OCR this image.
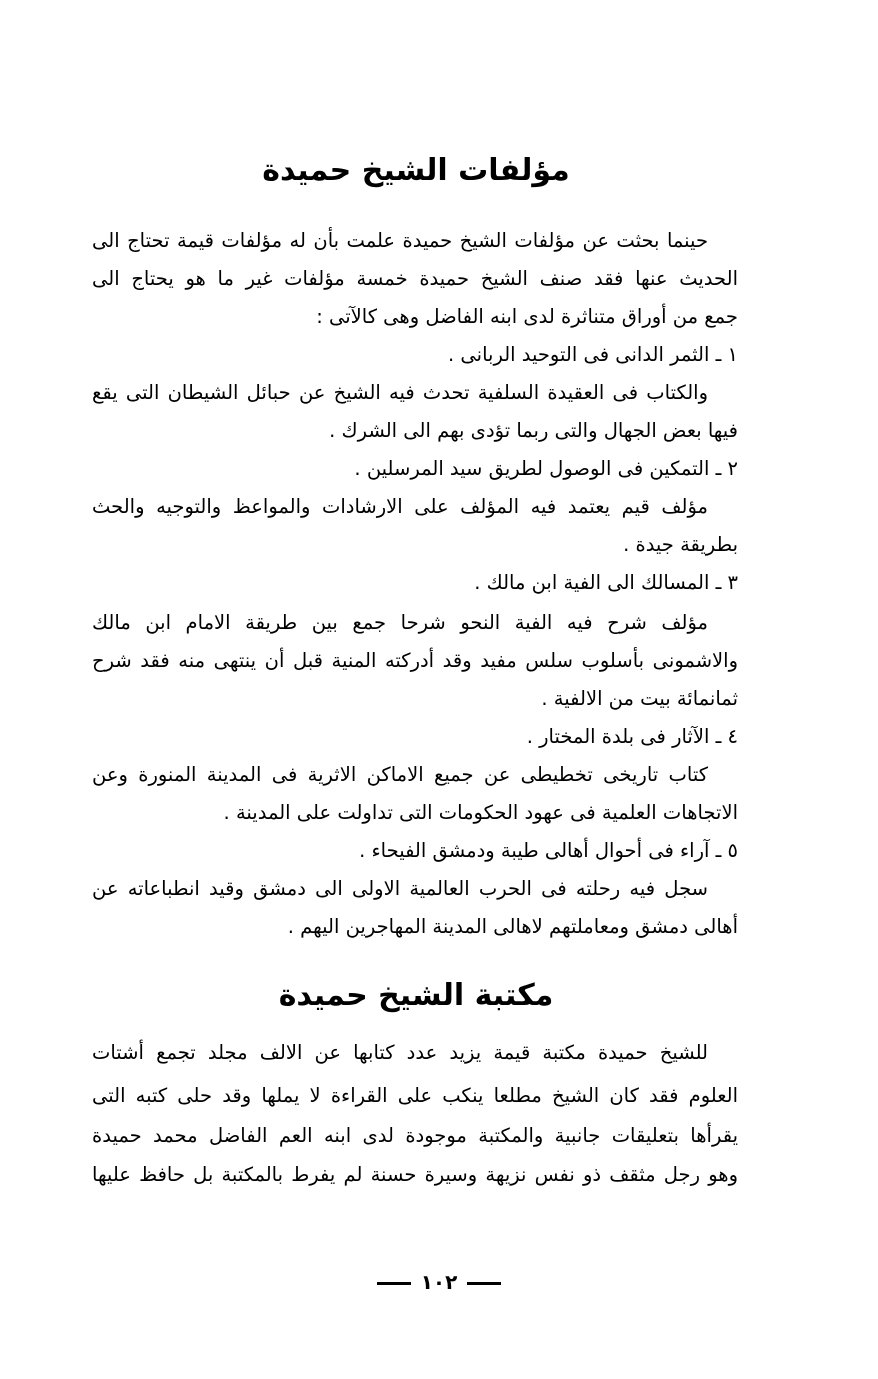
مؤلفات الشيخ حميدة

حينما بحثت عن مؤلفات الشيخ حميدة علمت بأن له مؤلفات قيمة تحتاج الى

الحديث عنها فقد صنف الشيخ حميدة خمسة مؤلفات غير ما هو يحتاج الى

جمع من أوراق متناثرة لدى ابنه الفاضل وهى كالآتى :

١ ـ الثمر الدانى فى التوحيد الربانى .

والكتاب فى العقيدة السلفية تحدث فيه الشيخ عن حبائل الشيطان التى يقع

فيها بعض الجهال والتى ربما تؤدى بهم الى الشرك .

٢ ـ التمكين فى الوصول لطريق سيد المرسلين .

مؤلف قيم يعتمد فيه المؤلف على الارشادات والمواعظ والتوجيه والحث

بطريقة جيدة .

٣ ـ المسالك الى الفية ابن مالك .

مؤلف شرح فيه الفية النحو شرحا جمع بين طريقة الامام ابن مالك

والاشمونى بأسلوب سلس مفيد وقد أدركته المنية قبل أن ينتهى منه فقد شرح

ثمانمائة بيت من الالفية .

٤ ـ الآثار فى بلدة المختار .

كتاب تاريخى تخطيطى عن جميع الاماكن الاثرية فى المدينة المنورة وعن

الاتجاهات العلمية فى عهود الحكومات التى تداولت على المدينة .

٥ ـ آراء فى أحوال أهالى طيبة ودمشق الفيحاء .

سجل فيه رحلته فى الحرب العالمية الاولى الى دمشق وقيد انطباعاته عن

أهالى دمشق ومعاملتهم لاهالى المدينة المهاجرين اليهم .

مكتبة الشيخ حميدة

للشيخ حميدة مكتبة قيمة يزيد عدد كتابها عن الالف مجلد تجمع أشتات

العلوم فقد كان الشيخ مطلعا ينكب على القراءة لا يملها وقد حلى كتبه التى

يقرأها بتعليقات جانبية والمكتبة موجودة لدى ابنه العم الفاضل محمد حميدة

وهو رجل مثقف ذو نفس نزيهة وسيرة حسنة لم يفرط بالمكتبة بل حافظ عليها

١٠٢
